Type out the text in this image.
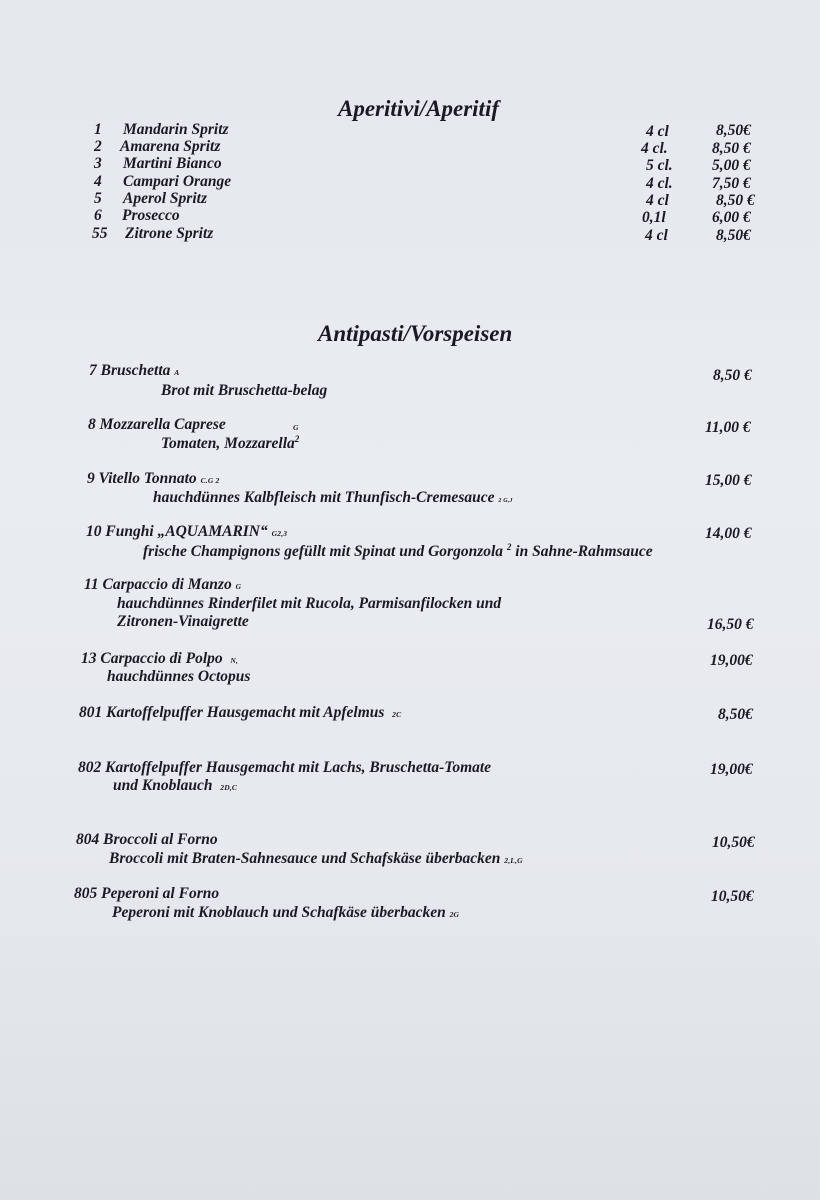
Aperitivi/Aperitif
1 Mandarin Spritz	4 cl	8,50€
2 Amarena Spritz	4 cl.	8,50 €
3 Martini Bianco	5 cl.	5,00 €
4 Campari Orange	4 cl.	7,50 €
5 Aperol Spritz	4 cl	8,50 €
6 Prosecco	0,1l	6,00 €
55 Zitrone Spritz	4 cl	8,50€
Antipasti/Vorspeisen
7 Bruschetta A
Brot mit Bruschetta-belag
8,50 €
8 Mozzarella Caprese	G
Tomaten, Mozzarella$^2$
11,00 €
9 Vitello Tonnato C.G 2
hauchdünnes Kalbfleisch mit Thunfisch-Cremesauce 2 G,J
15,00 €
10 Funghi „AQUAMARIN“ G2,3
frische Champignons gefüllt mit Spinat und Gorgonzola $^2$ in Sahne-Rahmsauce
14,00 €
11 Carpaccio di Manzo G
hauchdünnes Rinderfilet mit Rucola, Parmisanfilocken und
Zitronen-Vinaigrette	16,50 €
13 Carpaccio di Polpo N,
hauchdünnes Octopus
19,00€
801 Kartoffelpuffer Hausgemacht mit Apfelmus 2C	8,50€
802 Kartoffelpuffer Hausgemacht mit Lachs, Bruschetta-Tomate
und Knoblauch 2D,C
19,00€
804 Broccoli al Forno
Broccoli mit Braten-Sahnesauce und Schafskäse überbacken 2,L,G
10,50€
805 Peperoni al Forno
Peperoni mit Knoblauch und Schafkäse überbacken 2G
10,50€
